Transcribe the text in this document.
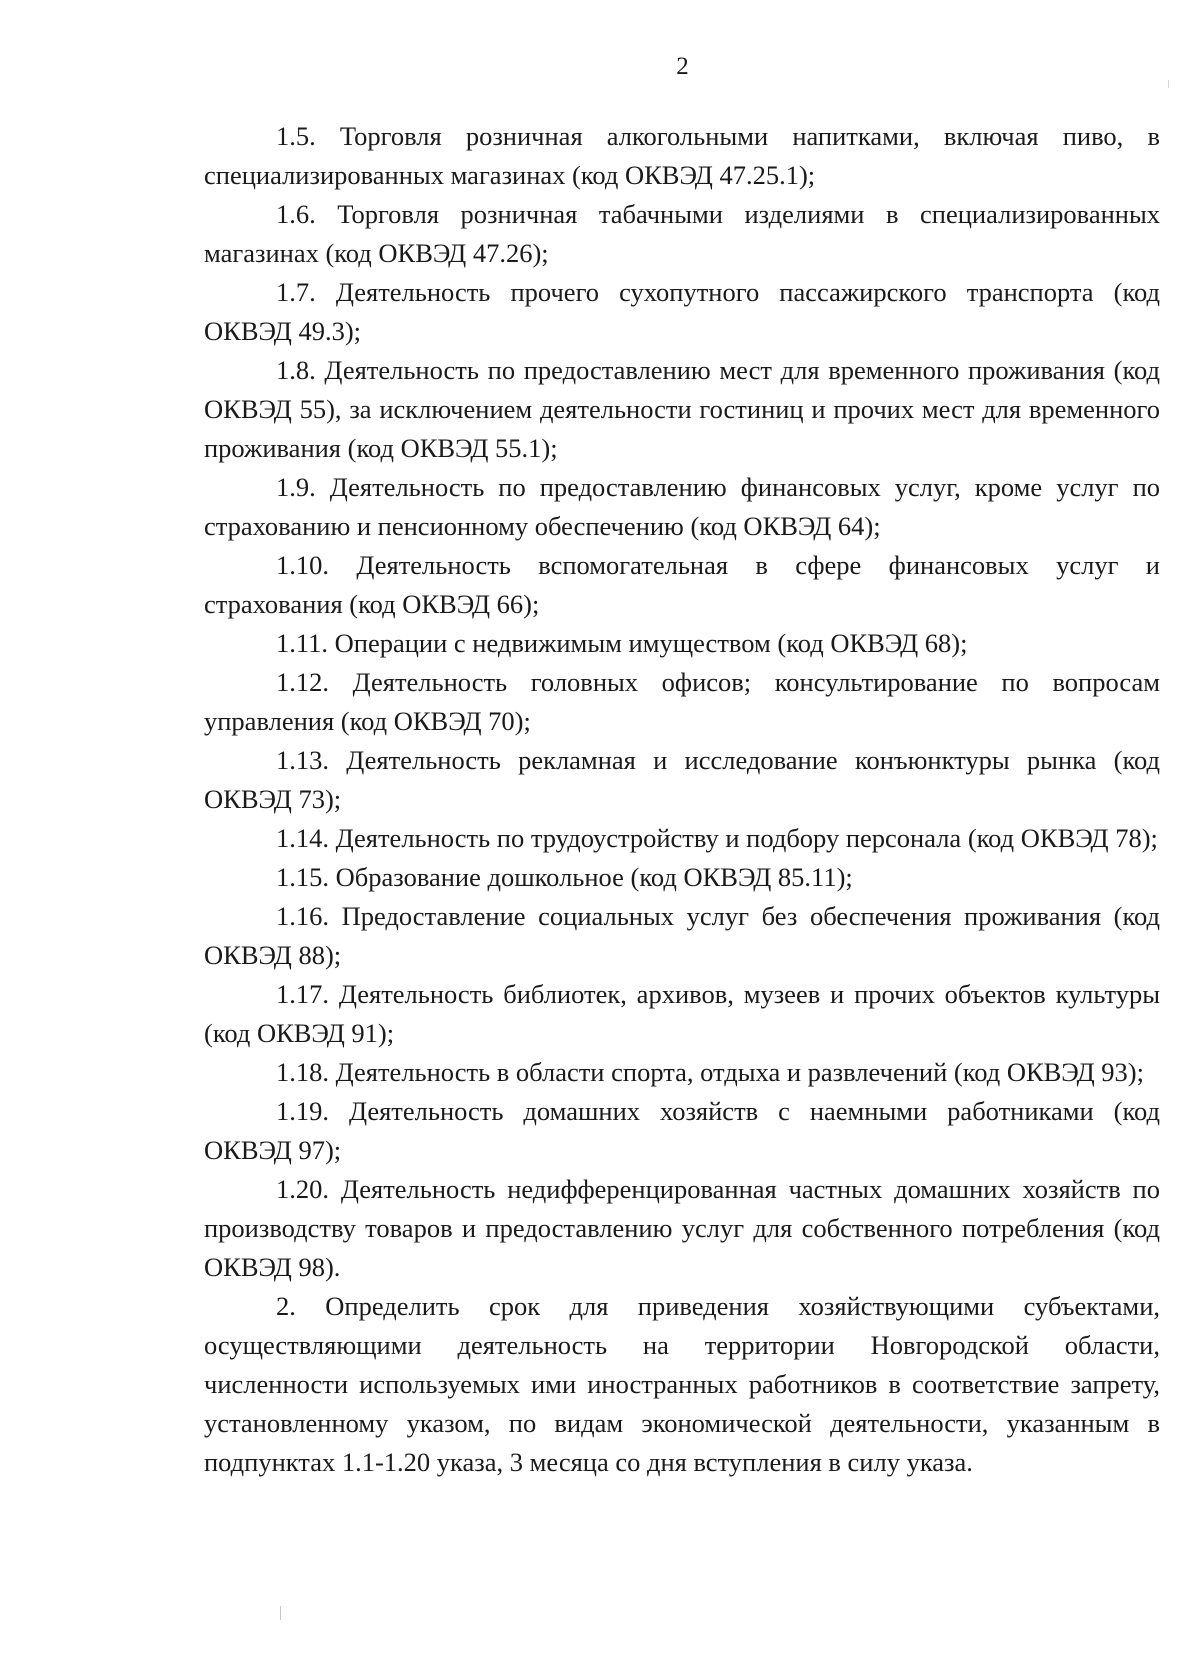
2

1.5. Торговля розничная алкогольными напитками, включая пиво, в специализированных магазинах (код ОКВЭД 47.25.1);

1.6. Торговля розничная табачными изделиями в специализированных магазинах (код ОКВЭД 47.26);

1.7. Деятельность прочего сухопутного пассажирского транспорта (код ОКВЭД 49.3);

1.8. Деятельность по предоставлению мест для временного проживания (код ОКВЭД 55), за исключением деятельности гостиниц и прочих мест для временного проживания (код ОКВЭД 55.1);

1.9. Деятельность по предоставлению финансовых услуг, кроме услуг по страхованию и пенсионному обеспечению (код ОКВЭД 64);

1.10. Деятельность вспомогательная в сфере финансовых услуг и страхования (код ОКВЭД 66);

1.11. Операции с недвижимым имуществом (код ОКВЭД 68);

1.12. Деятельность головных офисов; консультирование по вопросам управления (код ОКВЭД 70);

1.13. Деятельность рекламная и исследование конъюнктуры рынка (код ОКВЭД 73);

1.14. Деятельность по трудоустройству и подбору персонала (код ОКВЭД 78);

1.15. Образование дошкольное (код ОКВЭД 85.11);

1.16. Предоставление социальных услуг без обеспечения проживания (код ОКВЭД 88);

1.17. Деятельность библиотек, архивов, музеев и прочих объектов культуры (код ОКВЭД 91);

1.18. Деятельность в области спорта, отдыха и развлечений (код ОКВЭД 93);

1.19. Деятельность домашних хозяйств с наемными работниками (код ОКВЭД 97);

1.20. Деятельность недифференцированная частных домашних хозяйств по производству товаров и предоставлению услуг для собственного потребления (код ОКВЭД 98).

2. Определить срок для приведения хозяйствующими субъектами, осуществляющими деятельность на территории Новгородской области, численности используемых ими иностранных работников в соответствие запрету, установленному указом, по видам экономической деятельности, указанным в подпунктах 1.1-1.20 указа, 3 месяца со дня вступления в силу указа.
